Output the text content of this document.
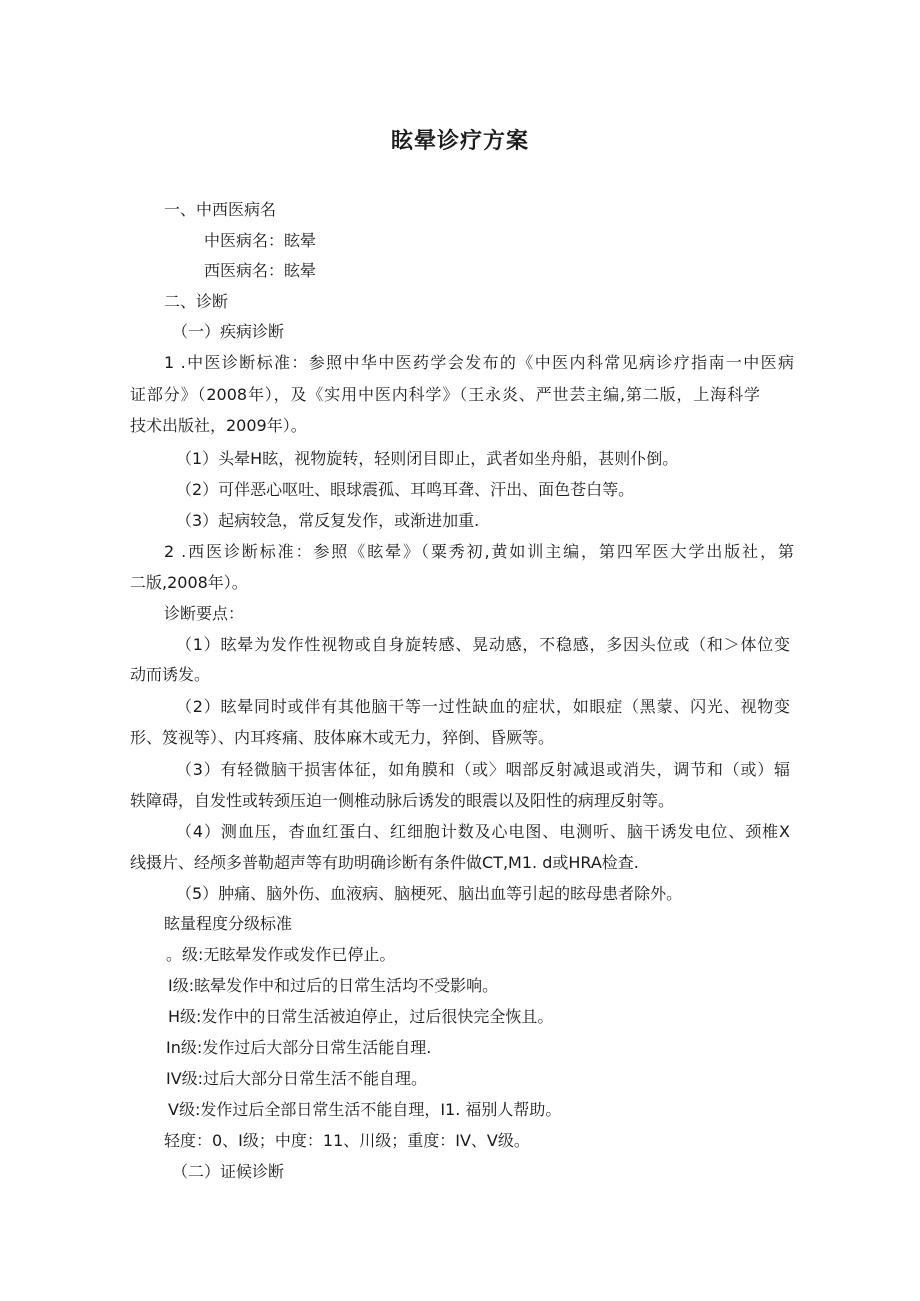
眩晕诊疗方案
一、中西医病名
中医病名：眩晕
西医病名：眩晕
二、诊断
（一）疾病诊断
1 .中医诊断标准：参照中华中医药学会发布的《中医内科常见病诊疗指南一中医病
证部分》（2008年），及《实用中医内科学》（王永炎、严世芸主编,第二版，上海科学
技术出版社，2009年）。
（1）头晕H眩，视物旋转，轻则闭目即止，武者如坐舟船，甚则仆倒。
（2）可伴恶心呕吐、眼球震孤、耳鸣耳聋、汗出、面色苍白等。
（3）起病较急，常反复发作，或渐进加重.
2 .西医诊断标准：参照《眩晕》（粟秀初,黄如训主编，第四军医大学出版社，第
二版,2008年）。
诊断要点：
（1）眩晕为发作性视物或自身旋转感、晃动感，不稳感，多因头位或（和＞体位变
动而诱发。
（2）眩晕同时或伴有其他脑干等一过性缺血的症状，如眼症（黑蒙、闪光、视物变
形、笈视等）、内耳疼痛、肢体麻木或无力，猝倒、昏厥等。
（3）有轻微脑干损害体征，如角膜和（或〉咽部反射减退或消失，调节和（或）辐
轶障碍，自发性或转颈压迫一侧椎动脉后诱发的眼震以及阳性的病理反射等。
（4）测血压，杳血红蛋白、红细胞计数及心电图、电测听、脑干诱发电位、颈椎X
线摄片、经颅多普勒超声等有助明确诊断有条件做CT,M1. d或HRA检查.
（5）肿痛、脑外伤、血液病、脑梗死、脑出血等引起的眩母患者除外。
眩量程度分级标准
。级:无眩晕发作或发作已停止。
I级:眩晕发作中和过后的日常生活均不受影响。
H级:发作中的日常生活被迫停止，过后很快完全恢且。
In级:发作过后大部分日常生活能自理.
IV级:过后大部分日常生活不能自理。
V级:发作过后全部日常生活不能自理，I1. 福别人帮助。
轻度：0、I级；中度：11、川级；重度：IV、V级。
（二）证候诊断
